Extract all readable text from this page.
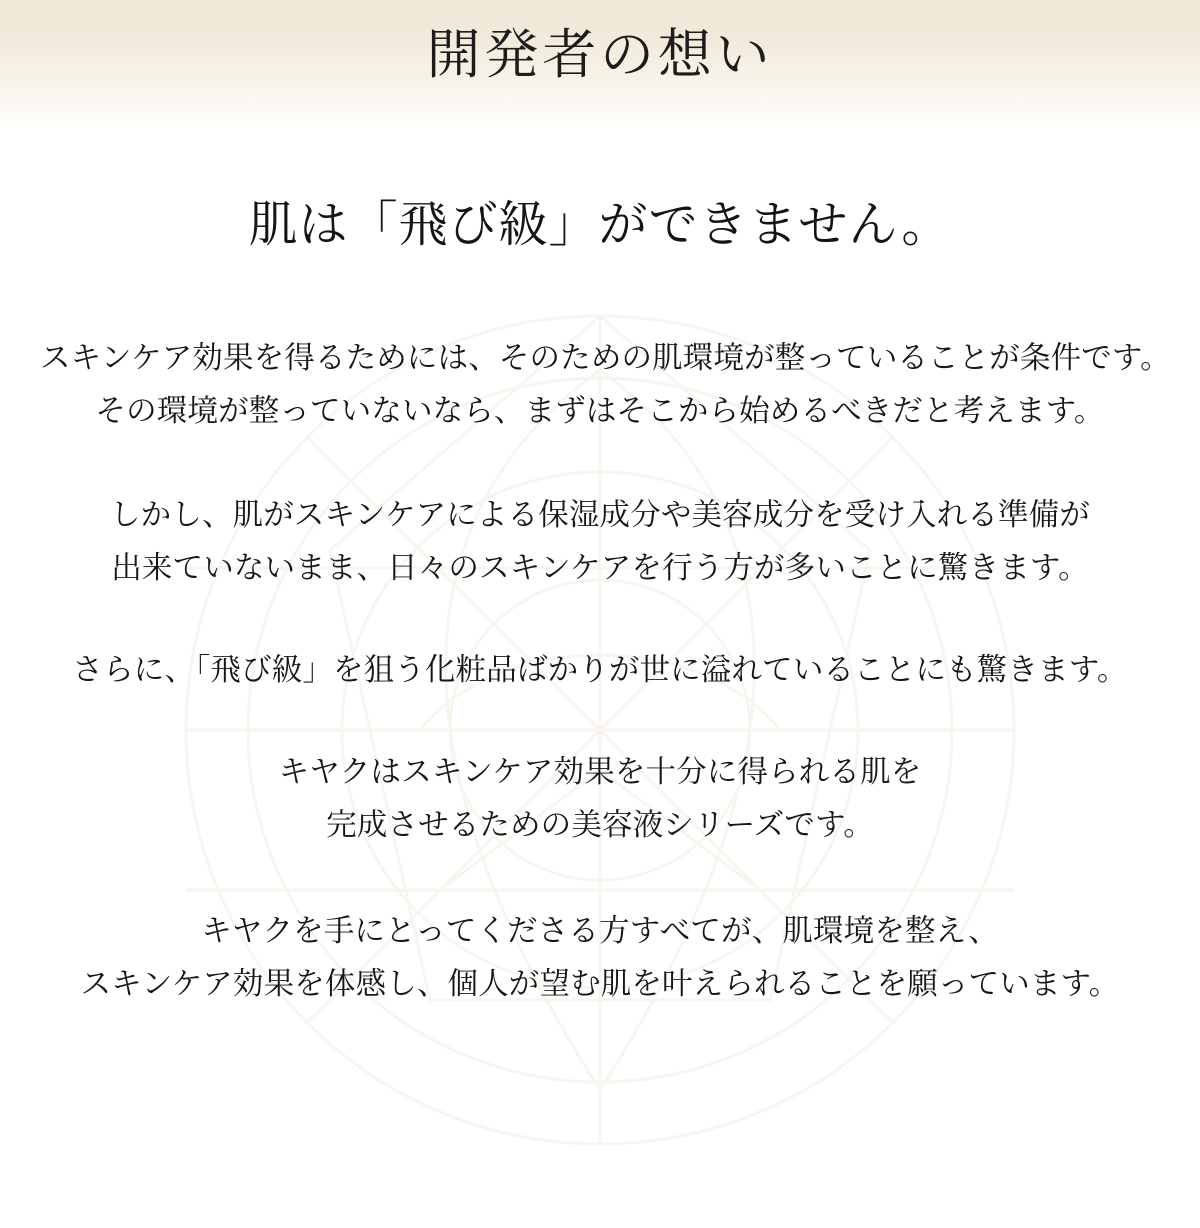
開発者の想い
肌は「飛び級」ができません。
スキンケア効果を得るためには、そのための肌環境が整っていることが条件です。
その環境が整っていないなら、まずはそこから始めるべきだと考えます。
しかし、肌がスキンケアによる保湿成分や美容成分を受け入れる準備が
出来ていないまま、日々のスキンケアを行う方が多いことに驚きます。
さらに、「飛び級」を狙う化粧品ばかりが世に溢れていることにも驚きます。
キヤクはスキンケア効果を十分に得られる肌を
完成させるための美容液シリーズです。
キヤクを手にとってくださる方すべてが、肌環境を整え、
スキンケア効果を体感し、個人が望む肌を叶えられることを願っています。
